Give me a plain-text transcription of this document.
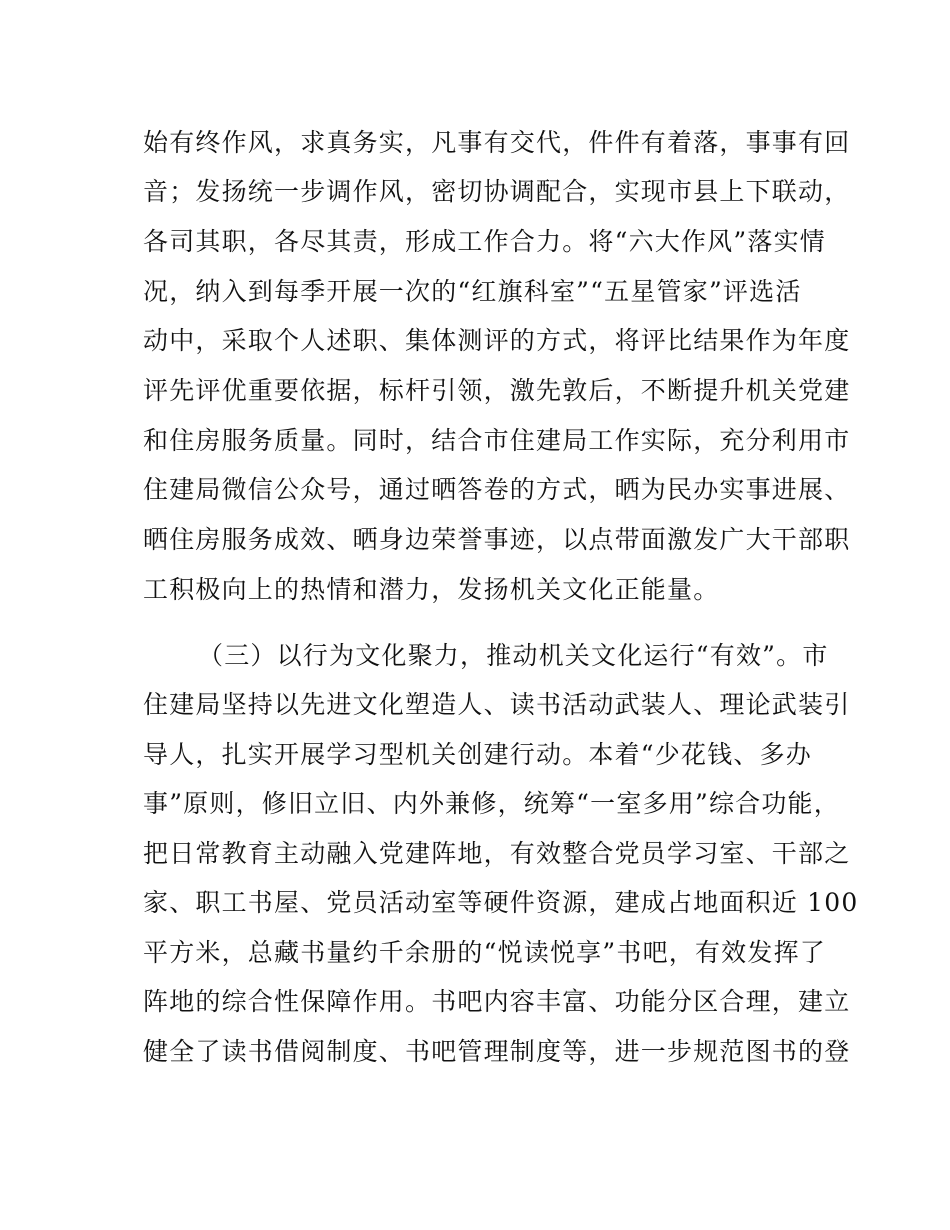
始有终作风，求真务实，凡事有交代，件件有着落，事事有回
音；发扬统一步调作风，密切协调配合，实现市县上下联动，
各司其职，各尽其责，形成工作合力。将“六大作风”落实情
况，纳入到每季开展一次的“红旗科室”“五星管家”评选活
动中，采取个人述职、集体测评的方式，将评比结果作为年度
评先评优重要依据，标杆引领，激先敦后，不断提升机关党建
和住房服务质量。同时，结合市住建局工作实际，充分利用市
住建局微信公众号，通过晒答卷的方式，晒为民办实事进展、
晒住房服务成效、晒身边荣誉事迹，以点带面激发广大干部职
工积极向上的热情和潜力，发扬机关文化正能量。
（三）以行为文化聚力，推动机关文化运行“有效”。市
住建局坚持以先进文化塑造人、读书活动武装人、理论武装引
导人，扎实开展学习型机关创建行动。本着“少花钱、多办
事”原则，修旧立旧、内外兼修，统筹“一室多用”综合功能，
把日常教育主动融入党建阵地，有效整合党员学习室、干部之
家、职工书屋、党员活动室等硬件资源，建成占地面积近 100
平方米，总藏书量约千余册的“悦读悦享”书吧，有效发挥了
阵地的综合性保障作用。书吧内容丰富、功能分区合理，建立
健全了读书借阅制度、书吧管理制度等，进一步规范图书的登
